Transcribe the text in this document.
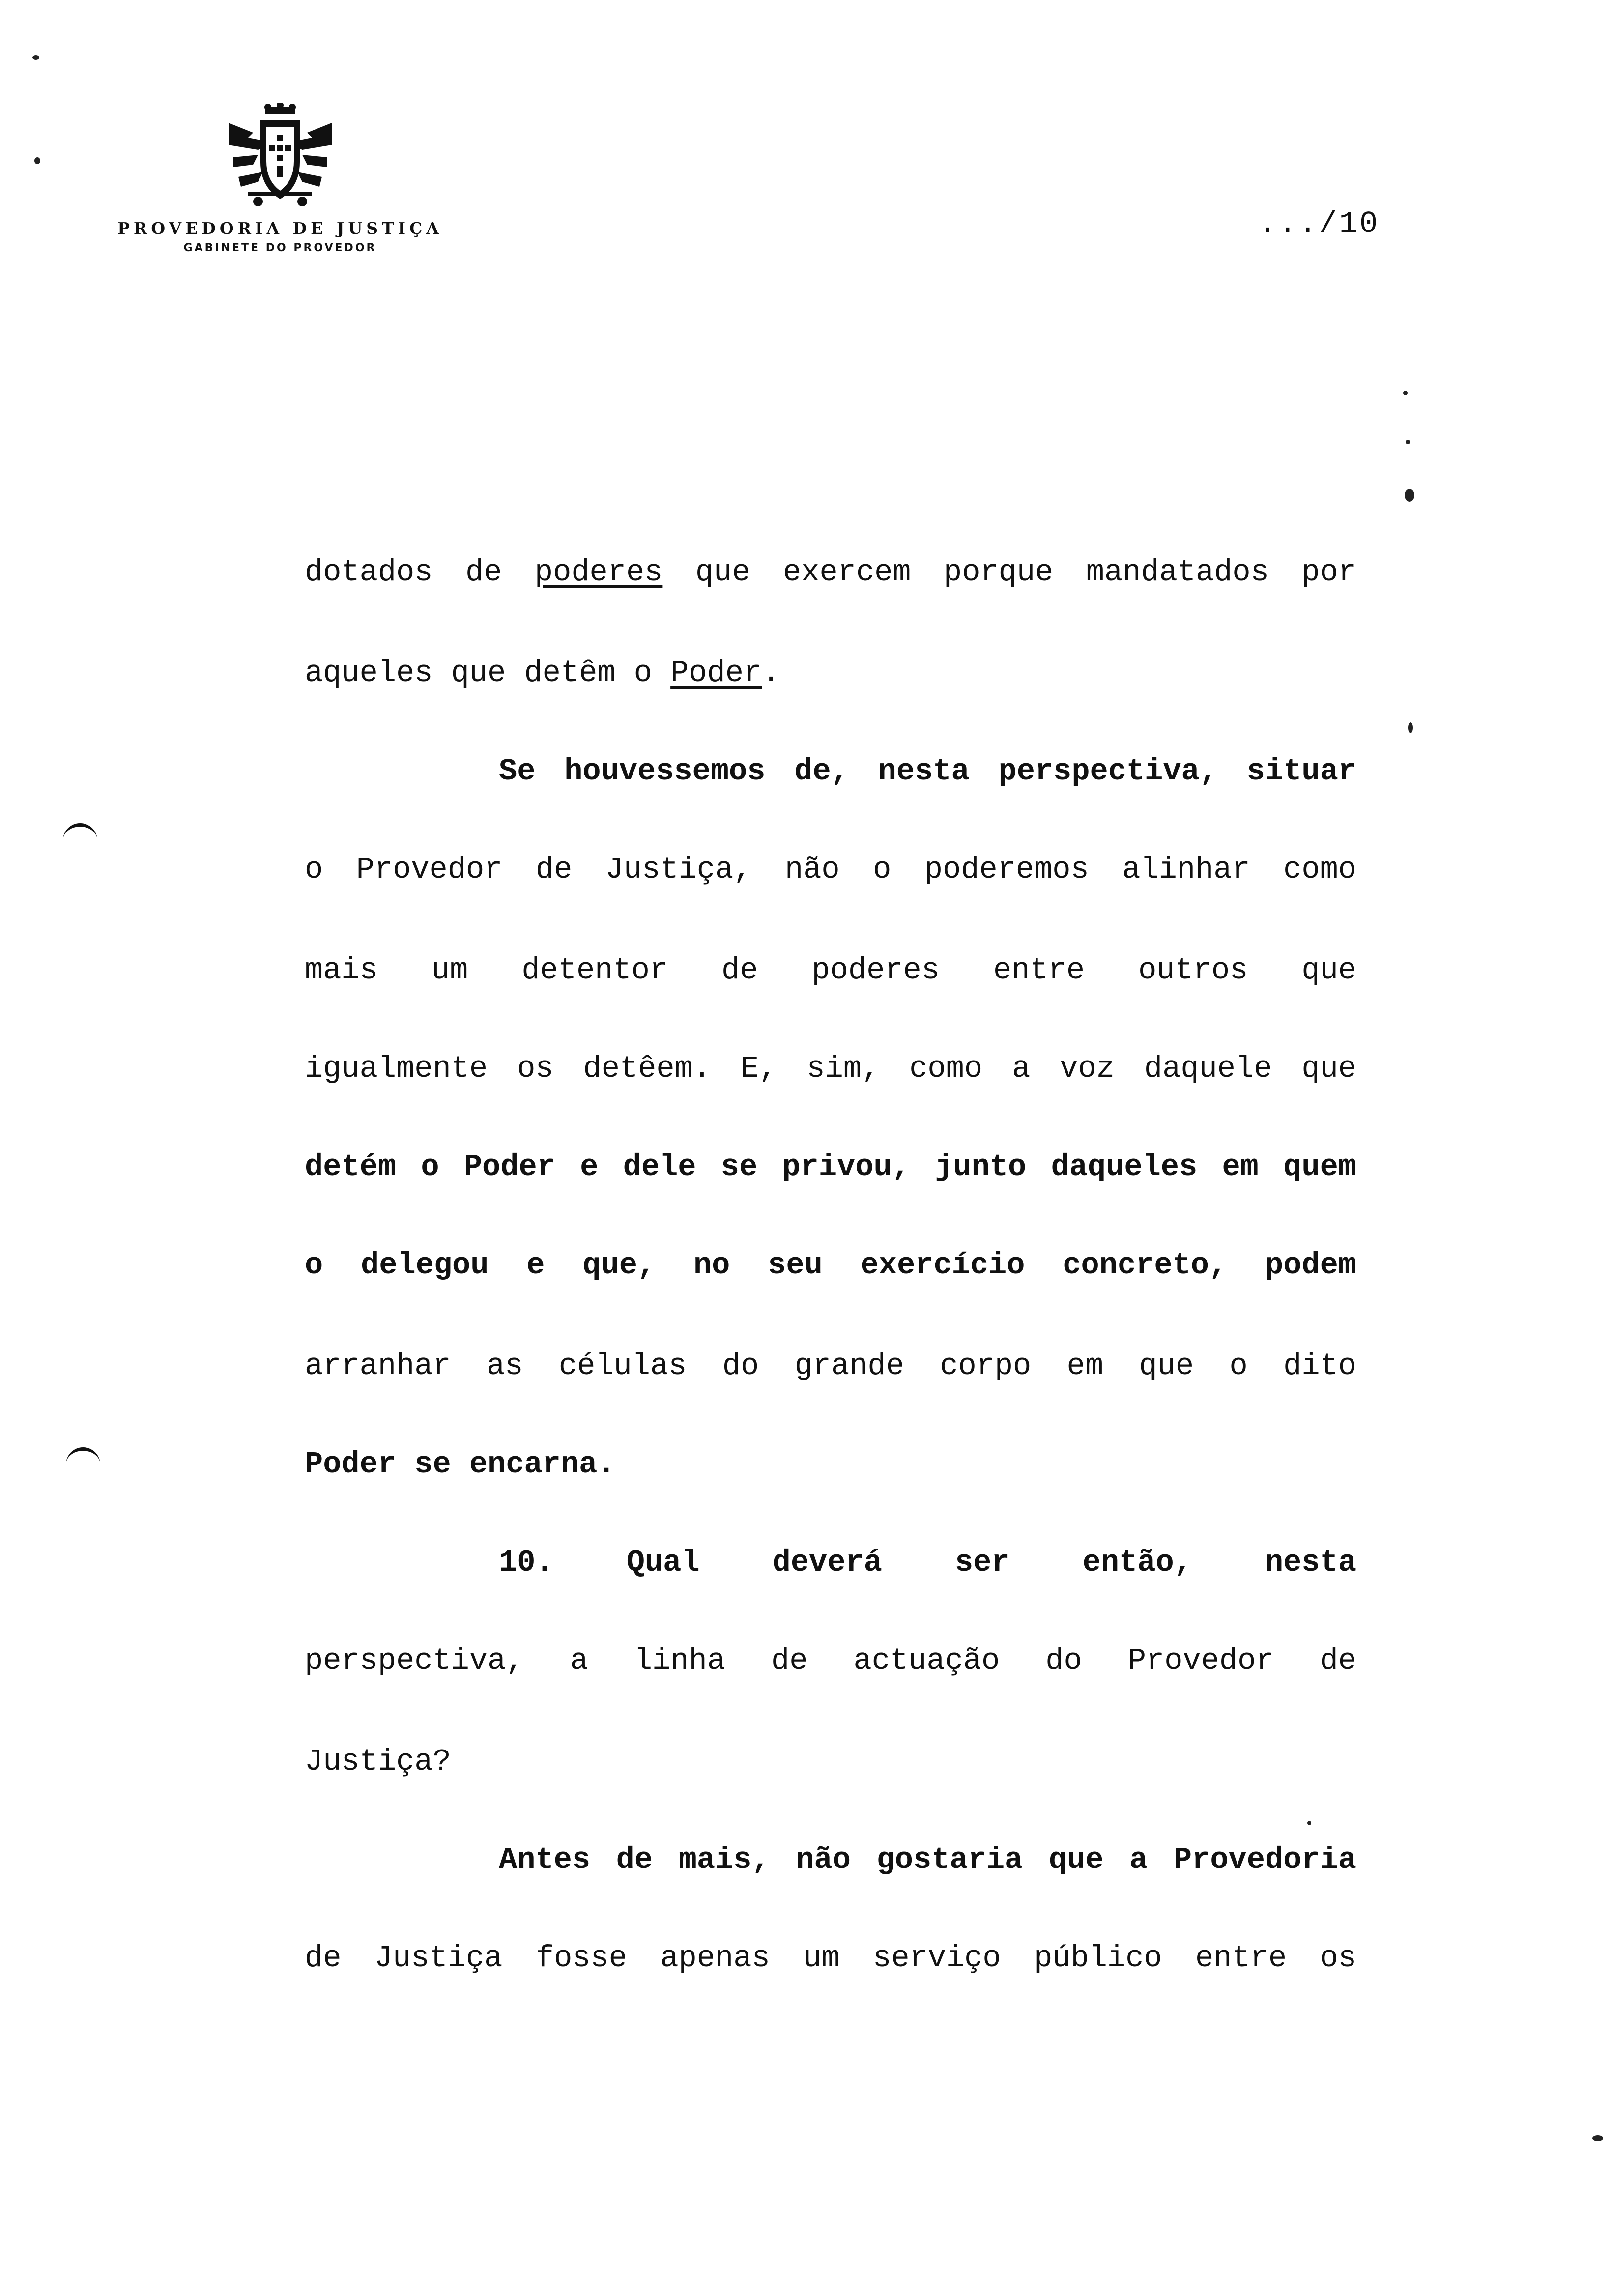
PROVEDORIA DE JUSTIÇA
GABINETE DO PROVEDOR
.../10
dotados de poderes que exercem porque mandatados por
aqueles que detêm o Poder.
Se houvessemos de, nesta perspectiva, situar
o Provedor de Justiça, não o poderemos alinhar como
mais um detentor de poderes entre outros que
igualmente os detêem. E, sim, como a voz daquele que
detém o Poder e dele se privou, junto daqueles em quem
o delegou e que, no seu exercício concreto, podem
arranhar as células do grande corpo em que o dito
Poder se encarna.
10. Qual deverá ser então, nesta
perspectiva, a linha de actuação do Provedor de
Justiça?
Antes de mais, não gostaria que a Provedoria
de Justiça fosse apenas um serviço público entre os
